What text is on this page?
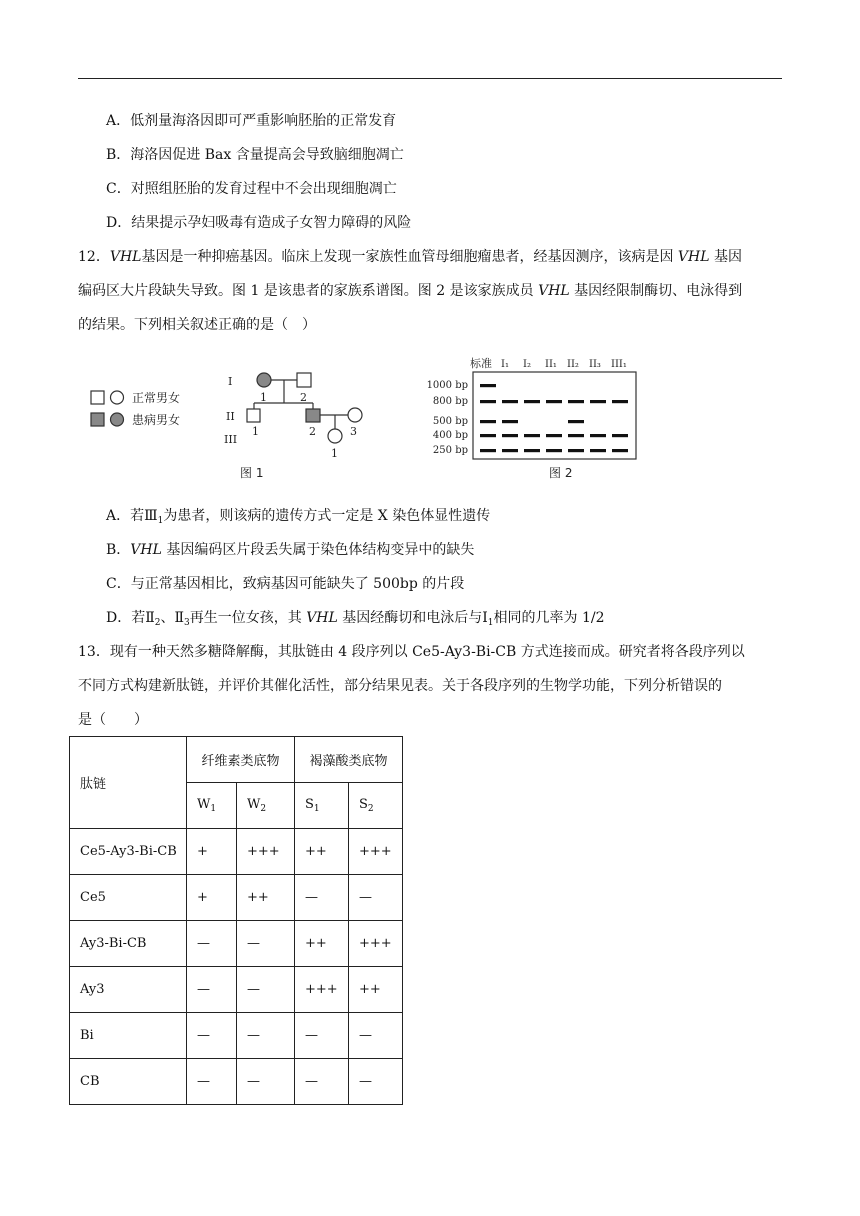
A．低剂量海洛因即可严重影响胚胎的正常发育
B．海洛因促进 Bax 含量提高会导致脑细胞凋亡
C．对照组胚胎的发育过程中不会出现细胞凋亡
D．结果提示孕妇吸毒有造成子女智力障碍的风险
12．VHL基因是一种抑癌基因。临床上发现一家族性血管母细胞瘤患者，经基因测序，该病是因 VHL 基因
编码区大片段缺失导致。图 1 是该患者的家族系谱图。图 2 是该家族成员 VHL 基因经限制酶切、电泳得到
的结果。下列相关叙述正确的是（　）
正常男女
患病男女
I
II
III
1	2
1	2	3
1
图 1
标准 I₁ I₂ II₁ II₂ II₃ III₁
1000 bp
800 bp
500 bp
400 bp
250 bp
图 2
A．若$Ⅲ_1$为患者，则该病的遗传方式一定是 X 染色体显性遗传
B．VHL 基因编码区片段丢失属于染色体结构变异中的缺失
C．与正常基因相比，致病基因可能缺失了 500bp 的片段
D．若$Ⅱ_2$、$Ⅱ_3$再生一位女孩，其 VHL 基因经酶切和电泳后与$Ⅰ_1$相同的几率为 1/2
13．现有一种天然多糖降解酶，其肽链由 4 段序列以 Ce5-Ay3-Bi-CB 方式连接而成。研究者将各段序列以
不同方式构建新肽链，并评价其催化活性，部分结果见表。关于各段序列的生物学功能，下列分析错误的
是（　　）
肽链	纤维素类底物		褐藻酸类底物	
	$W_1$	$W_2$	$S_1$	$S_2$
Ce5-Ay3-Bi-CB	+	+++	++	+++
Ce5	+	++	—	—
Ay3-Bi-CB	—	—	++	+++
Ay3	—	—	+++	++
Bi	—	—	—	—
CB	—	—	—	—
